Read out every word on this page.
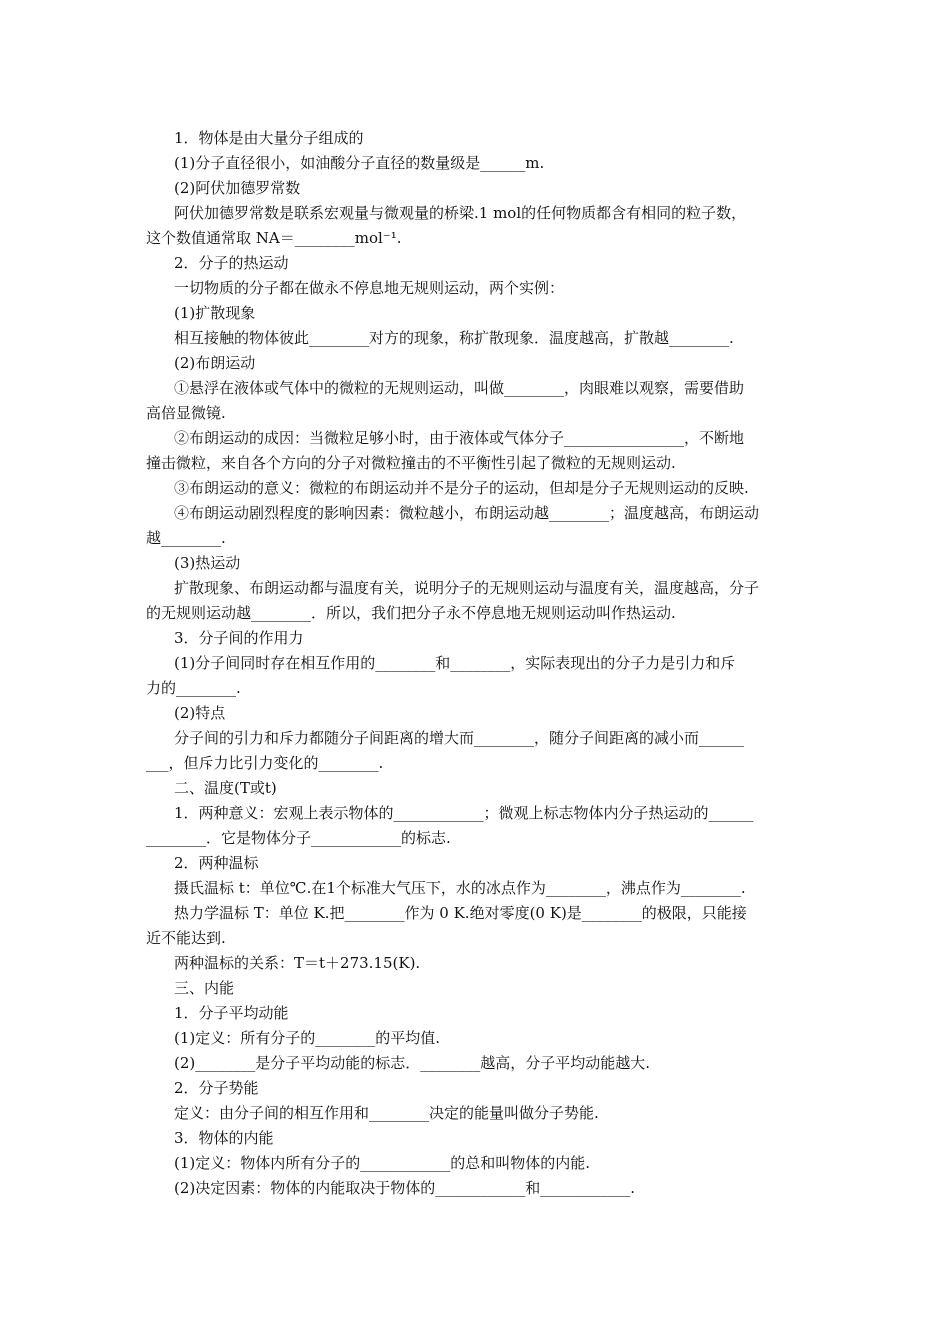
1．物体是由大量分子组成的
(1)分子直径很小，如油酸分子直径的数量级是______m.
(2)阿伏加德罗常数
阿伏加德罗常数是联系宏观量与微观量的桥梁.1 mol的任何物质都含有相同的粒子数，
这个数值通常取 NA＝________mol⁻¹.
2．分子的热运动
一切物质的分子都在做永不停息地无规则运动，两个实例：
(1)扩散现象
相互接触的物体彼此________对方的现象，称扩散现象．温度越高，扩散越________.
(2)布朗运动
①悬浮在液体或气体中的微粒的无规则运动，叫做________，肉眼难以观察，需要借助
高倍显微镜.
②布朗运动的成因：当微粒足够小时，由于液体或气体分子________________，不断地
撞击微粒，来自各个方向的分子对微粒撞击的不平衡性引起了微粒的无规则运动.
③布朗运动的意义：微粒的布朗运动并不是分子的运动，但却是分子无规则运动的反映.
④布朗运动剧烈程度的影响因素：微粒越小，布朗运动越________；温度越高，布朗运动
越________.
(3)热运动
扩散现象、布朗运动都与温度有关，说明分子的无规则运动与温度有关，温度越高，分子
的无规则运动越________．所以，我们把分子永不停息地无规则运动叫作热运动.
3．分子间的作用力
(1)分子间同时存在相互作用的________和________，实际表现出的分子力是引力和斥
力的________.
(2)特点
分子间的引力和斥力都随分子间距离的增大而________，随分子间距离的减小而______
___，但斥力比引力变化的________.
二、温度(T或t)
1．两种意义：宏观上表示物体的____________；微观上标志物体内分子热运动的______
________．它是物体分子____________的标志.
2．两种温标
摄氏温标 t：单位℃.在1个标准大气压下，水的冰点作为________，沸点作为________.
热力学温标 T：单位 K.把________作为 0 K.绝对零度(0 K)是________的极限，只能接
近不能达到.
两种温标的关系：T＝t＋273.15(K).
三、内能
1．分子平均动能
(1)定义：所有分子的________的平均值.
(2)________是分子平均动能的标志．________越高，分子平均动能越大.
2．分子势能
定义：由分子间的相互作用和________决定的能量叫做分子势能.
3．物体的内能
(1)定义：物体内所有分子的____________的总和叫物体的内能.
(2)决定因素：物体的内能取决于物体的____________和____________.
